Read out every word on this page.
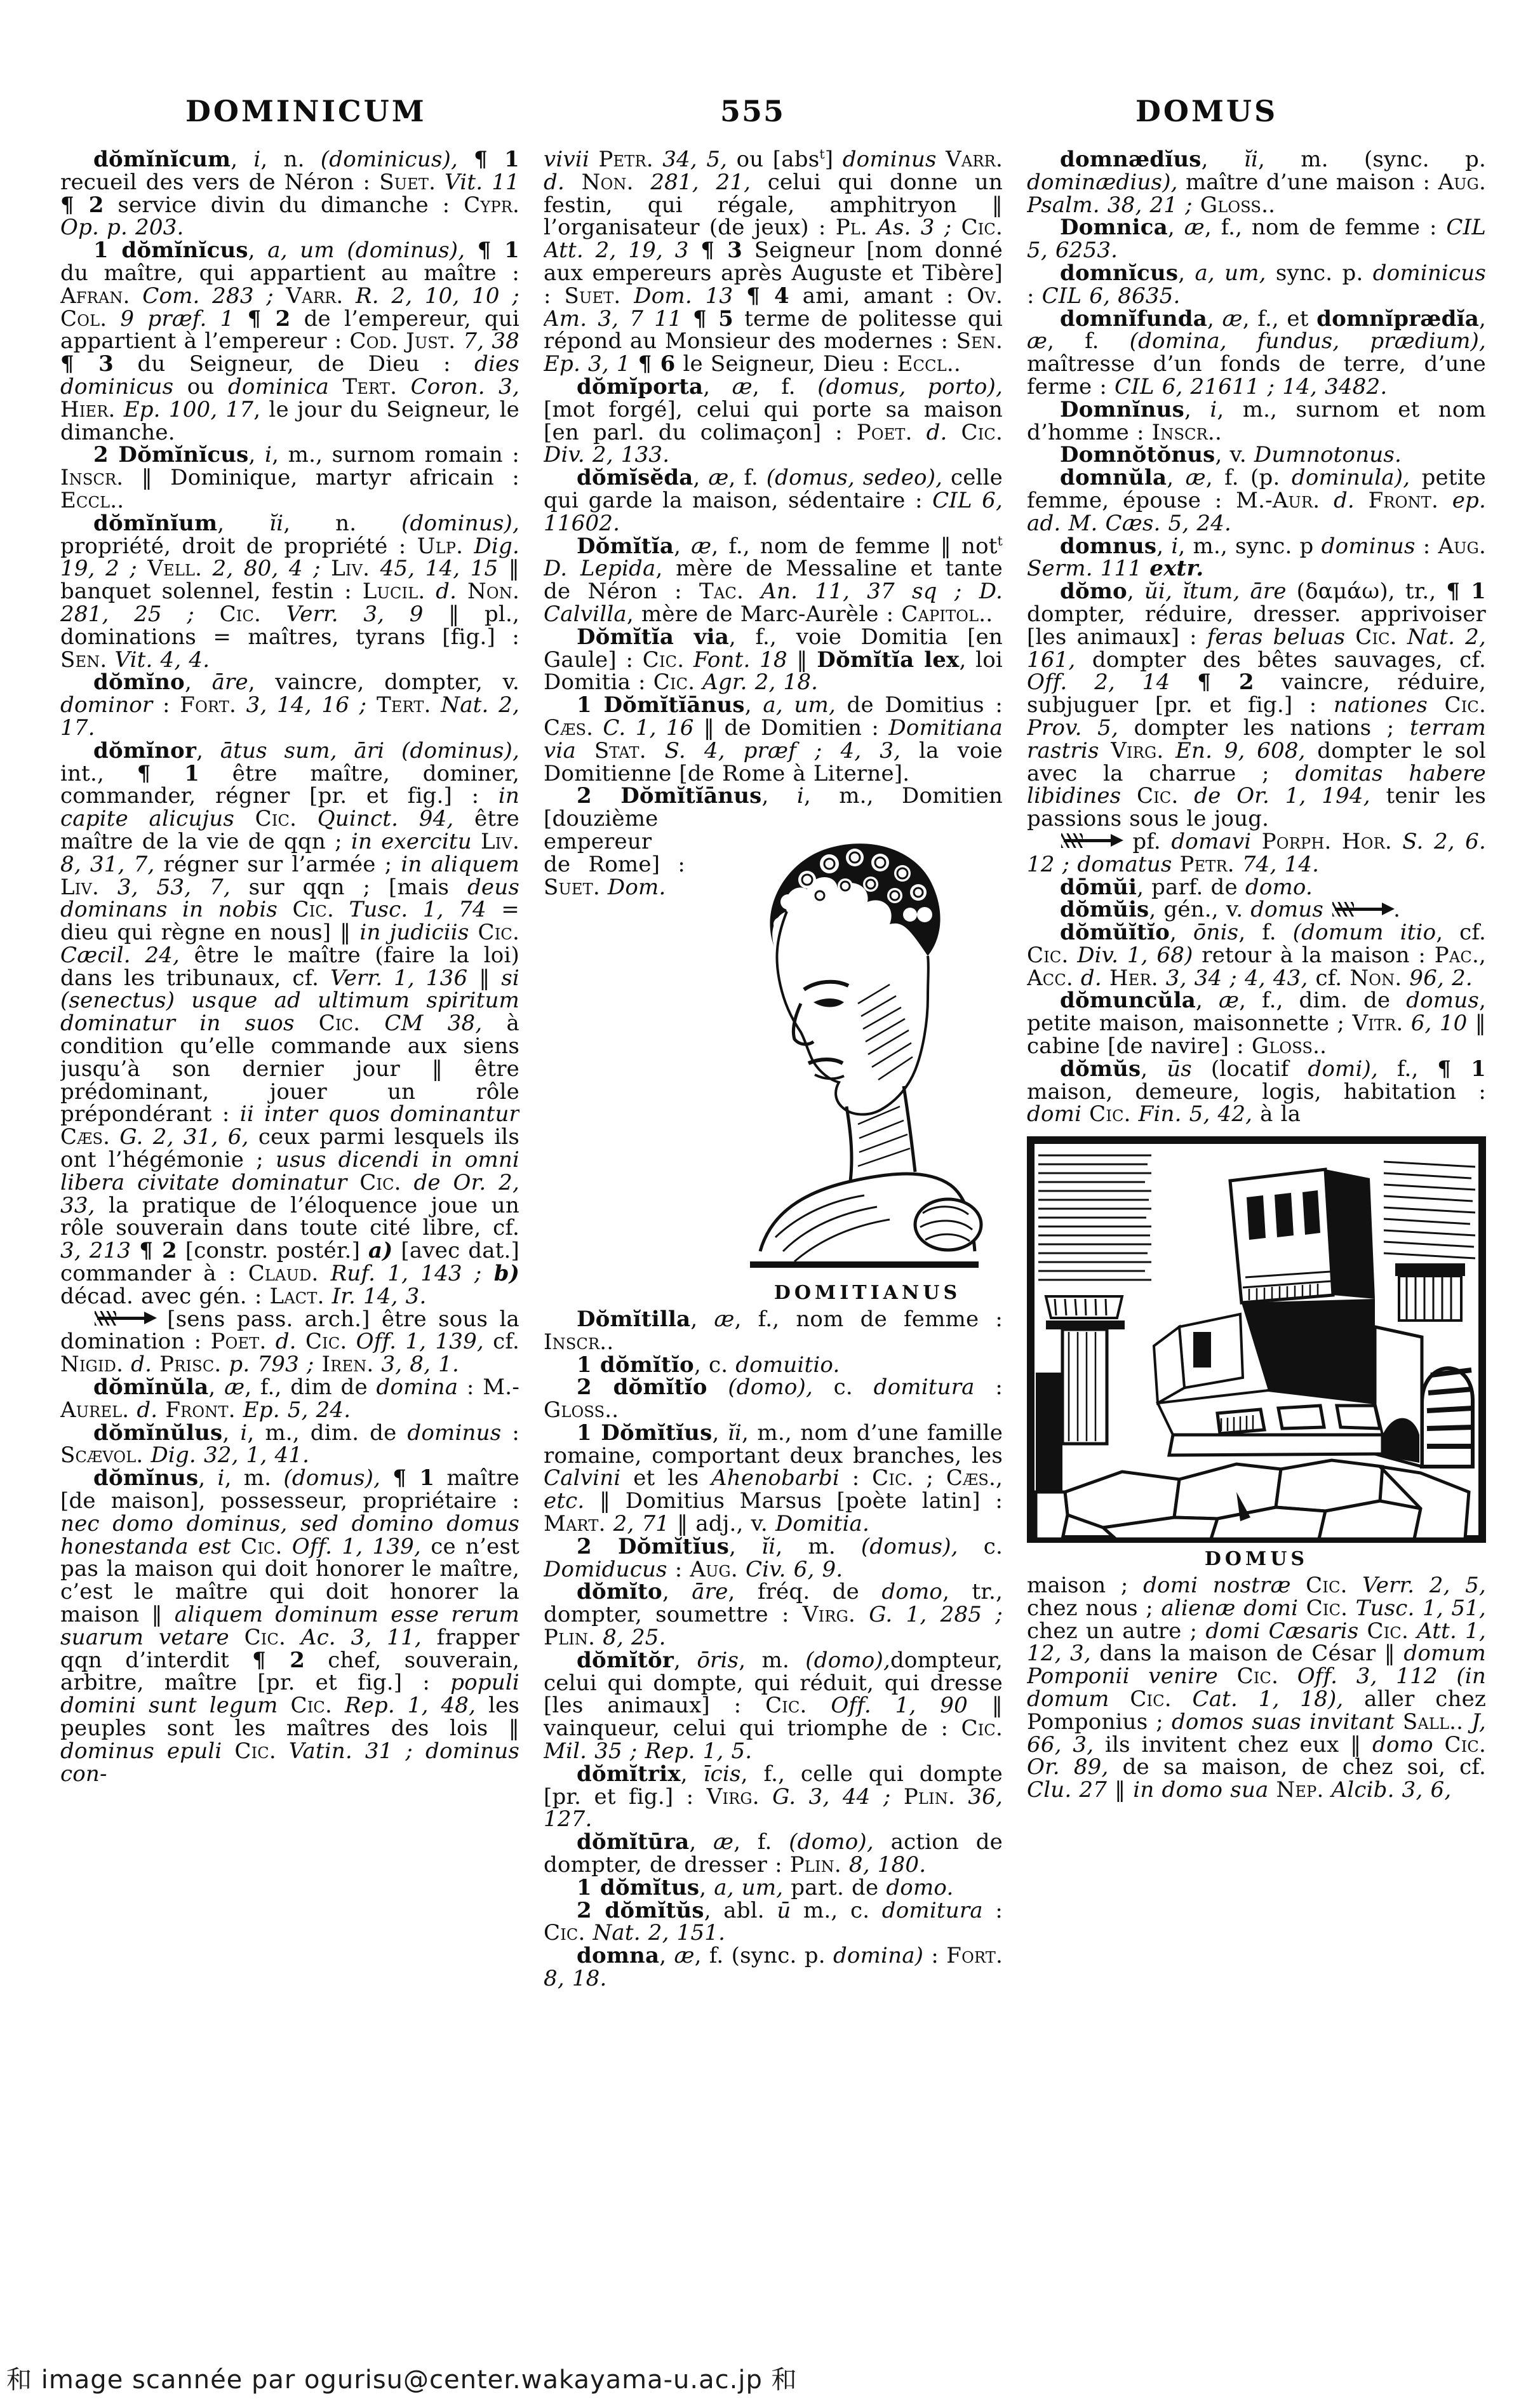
DOMINICUM	555	DOMUS

dŏmĭnĭcum, i, n. (dominicus), ¶ 1 recueil des vers de Néron : Suet. Vit. 11 ¶ 2 service divin du dimanche : Cypr. Op. p. 203.

1 dŏmĭnĭcus, a, um (dominus), ¶ 1 du maître, qui appartient au maître : Afran. Com. 283 ; Varr. R. 2, 10, 10 ; Col. 9 præf. 1 ¶ 2 de l’empereur, qui appartient à l’empereur : Cod. Just. 7, 38 ¶ 3 du Seigneur, de Dieu : dies dominicus ou dominica Tert. Coron. 3, Hier. Ep. 100, 17, le jour du Seigneur, le dimanche.

2 Dŏmĭnĭcus, i, m., surnom romain : Inscr. ‖ Dominique, martyr africain : Eccl..

dŏmĭnĭum, ĭi, n. (dominus), propriété, droit de propriété : Ulp. Dig. 19, 2 ; Vell. 2, 80, 4 ; Liv. 45, 14, 15 ‖ banquet solennel, festin : Lucil. d. Non. 281, 25 ; Cic. Verr. 3, 9 ‖ pl., dominations = maîtres, tyrans [fig.] : Sen. Vit. 4, 4.

dŏmĭno, āre, vaincre, dompter, v. dominor : Fort. 3, 14, 16 ; Tert. Nat. 2, 17.

dŏmĭnor, ātus sum, āri (dominus), int., ¶ 1 être maître, dominer, commander, régner [pr. et fig.] : in capite alicujus Cic. Quinct. 94, être maître de la vie de qqn ; in exercitu Liv. 8, 31, 7, régner sur l’armée ; in aliquem Liv. 3, 53, 7, sur qqn ; [mais deus dominans in nobis Cic. Tusc. 1, 74 = dieu qui règne en nous] ‖ in judiciis Cic. Cæcil. 24, être le maître (faire la loi) dans les tribunaux, cf. Verr. 1, 136 ‖ si (senectus) usque ad ultimum spiritum dominatur in suos Cic. CM 38, à condition qu’elle commande aux siens jusqu’à son dernier jour ‖ être prédominant, jouer un rôle prépondérant : ii inter quos dominantur Cæs. G. 2, 31, 6, ceux parmi lesquels ils ont l’hégémonie ; usus dicendi in omni libera civitate dominatur Cic. de Or. 2, 33, la pratique de l’éloquence joue un rôle souverain dans toute cité libre, cf. 3, 213 ¶ 2 [constr. postér.] a) [avec dat.] commander à : Claud. Ruf. 1, 143 ; b) décad. avec gén. : Lact. Ir. 14, 3.

[sens pass. arch.] être sous la domination : Poet. d. Cic. Off. 1, 139, cf. Nigid. d. Prisc. p. 793 ; Iren. 3, 8, 1.

dŏmĭnŭla, æ, f., dim de domina : M.-Aurel. d. Front. Ep. 5, 24.

dŏmĭnŭlus, i, m., dim. de dominus : Scævol. Dig. 32, 1, 41.

dŏmĭnus, i, m. (domus), ¶ 1 maître [de maison], possesseur, propriétaire : nec domo dominus, sed domino domus honestanda est Cic. Off. 1, 139, ce n’est pas la maison qui doit honorer le maître, c’est le maître qui doit honorer la maison ‖ aliquem dominum esse rerum suarum vetare Cic. Ac. 3, 11, frapper qqn d’interdit ¶ 2 chef, souverain, arbitre, maître [pr. et fig.] : populi domini sunt legum Cic. Rep. 1, 48, les peuples sont les maîtres des lois ‖ dominus epuli Cic. Vatin. 31 ; dominus con-

vivii Petr. 34, 5, ou [abs$^t$] dominus Varr. d. Non. 281, 21, celui qui donne un festin, qui régale, amphitryon ‖ l’organisateur (de jeux) : Pl. As. 3 ; Cic. Att. 2, 19, 3 ¶ 3 Seigneur [nom donné aux empereurs après Auguste et Tibère] : Suet. Dom. 13 ¶ 4 ami, amant : Ov. Am. 3, 7 11 ¶ 5 terme de politesse qui répond au Monsieur des modernes : Sen. Ep. 3, 1 ¶ 6 le Seigneur, Dieu : Eccl..

dŏmĭporta, æ, f. (domus, porto), [mot forgé], celui qui porte sa maison [en parl. du colimaçon] : Poet. d. Cic. Div. 2, 133.

dŏmĭsĕda, æ, f. (domus, sedeo), celle qui garde la maison, sédentaire : CIL 6, 11602.

Dŏmĭtĭa, æ, f., nom de femme ‖ not$^t$ D. Lepida, mère de Messaline et tante de Néron : Tac. An. 11, 37 sq ; D. Calvilla, mère de Marc-Aurèle : Capitol..

Dŏmĭtĭa via, f., voie Domitia [en Gaule] : Cic. Font. 18 ‖ Dŏmĭtĭa lex, loi Domitia : Cic. Agr. 2, 18.

1 Dŏmĭtĭānus, a, um, de Domitius : Cæs. C. 1, 16 ‖ de Domitien : Domitiana via Stat. S. 4, præf ; 4, 3, la voie Domitienne [de Rome à Literne].

2 Dŏmĭtĭānus, i, m., Domitien
DOMITIANUS
[douzième empereur de Rome] : Suet. Dom.

Dŏmĭtilla, æ, f., nom de femme : Inscr..

1 dŏmĭtĭo, c. domuitio.

2 dŏmĭtĭo (domo), c. domitura : Gloss..

1 Dŏmĭtĭus, ĭi, m., nom d’une famille romaine, comportant deux branches, les Calvini et les Ahenobarbi : Cic. ; Cæs., etc. ‖ Domitius Marsus [poète latin] : Mart. 2, 71 ‖ adj., v. Domitia.

2 Dŏmĭtĭus, ĭi, m. (domus), c. Domiducus : Aug. Civ. 6, 9.

dŏmĭto, āre, fréq. de domo, tr., dompter, soumettre : Virg. G. 1, 285 ; Plin. 8, 25.

dŏmĭtŏr, ōris, m. (domo),dompteur, celui qui dompte, qui réduit, qui dresse [les animaux] : Cic. Off. 1, 90 ‖ vainqueur, celui qui triomphe de : Cic. Mil. 35 ; Rep. 1, 5.

dŏmĭtrix, īcis, f., celle qui dompte [pr. et fig.] : Virg. G. 3, 44 ; Plin. 36, 127.

dŏmĭtūra, æ, f. (domo), action de dompter, de dresser : Plin. 8, 180.

1 dŏmĭtus, a, um, part. de domo.

2 dŏmĭtŭs, abl. ū m., c. domitura : Cic. Nat. 2, 151.

domna, æ, f. (sync. p. domina) : Fort. 8, 18.

domnædĭus, ĭi, m. (sync. p. dominædius), maître d’une maison : Aug. Psalm. 38, 21 ; Gloss..

Domnica, æ, f., nom de femme : CIL 5, 6253.

domnĭcus, a, um, sync. p. dominicus : CIL 6, 8635.

domnĭfunda, æ, f., et domnĭprædĭa, æ, f. (domina, fundus, prædium), maîtresse d’un fonds de terre, d’une ferme : CIL 6, 21611 ; 14, 3482.

Domnĭnus, i, m., surnom et nom d’homme : Inscr..

Domnŏtŏnus, v. Dumnotonus.

domnŭla, æ, f. (p. dominula), petite femme, épouse : M.-Aur. d. Front. ep. ad. M. Cæs. 5, 24.

domnus, i, m., sync. p dominus : Aug. Serm. 111 extr.

dŏmo, ŭi, ĭtum, āre (δαμάω), tr., ¶ 1 dompter, réduire, dresser. apprivoiser [les animaux] : feras beluas Cic. Nat. 2, 161, dompter des bêtes sauvages, cf. Off. 2, 14 ¶ 2 vaincre, réduire, subjuguer [pr. et fig.] : nationes Cic. Prov. 5, dompter les nations ; terram rastris Virg. En. 9, 608, dompter le sol avec la charrue ; domitas habere libidines Cic. de Or. 1, 194, tenir les passions sous le joug.

pf. domavi Porph. Hor. S. 2, 6. 12 ; domatus Petr. 74, 14.

dōmŭi, parf. de domo.

dŏmŭis, gén., v. domus	.

dŏmŭĭtĭo, ōnis, f. (domum itio, cf. Cic. Div. 1, 68) retour à la maison : Pac., Acc. d. Her. 3, 34 ; 4, 43, cf. Non. 96, 2.

dŏmuncŭla, æ, f., dim. de domus, petite maison, maisonnette ; Vitr. 6, 10 ‖ cabine [de navire] : Gloss..

dŏmŭs, ūs (locatif domi), f., ¶ 1 maison, demeure, logis, habitation : domi Cic. Fin. 5, 42, à la

DOMUS

maison ; domi nostræ Cic. Verr. 2, 5, chez nous ; alienæ domi Cic. Tusc. 1, 51, chez un autre ; domi Cæsaris Cic. Att. 1, 12, 3, dans la maison de César ‖ domum Pomponii venire Cic. Off. 3, 112 (in domum Cic. Cat. 1, 18), aller chez Pomponius ; domos suas invitant Sall.. J, 66, 3, ils invitent chez eux ‖ domo Cic. Or. 89, de sa maison, de chez soi, cf. Clu. 27 ‖ in domo sua Nep. Alcib. 3, 6,

和 image scannée par ogurisu@center.wakayama-u.ac.jp 和
